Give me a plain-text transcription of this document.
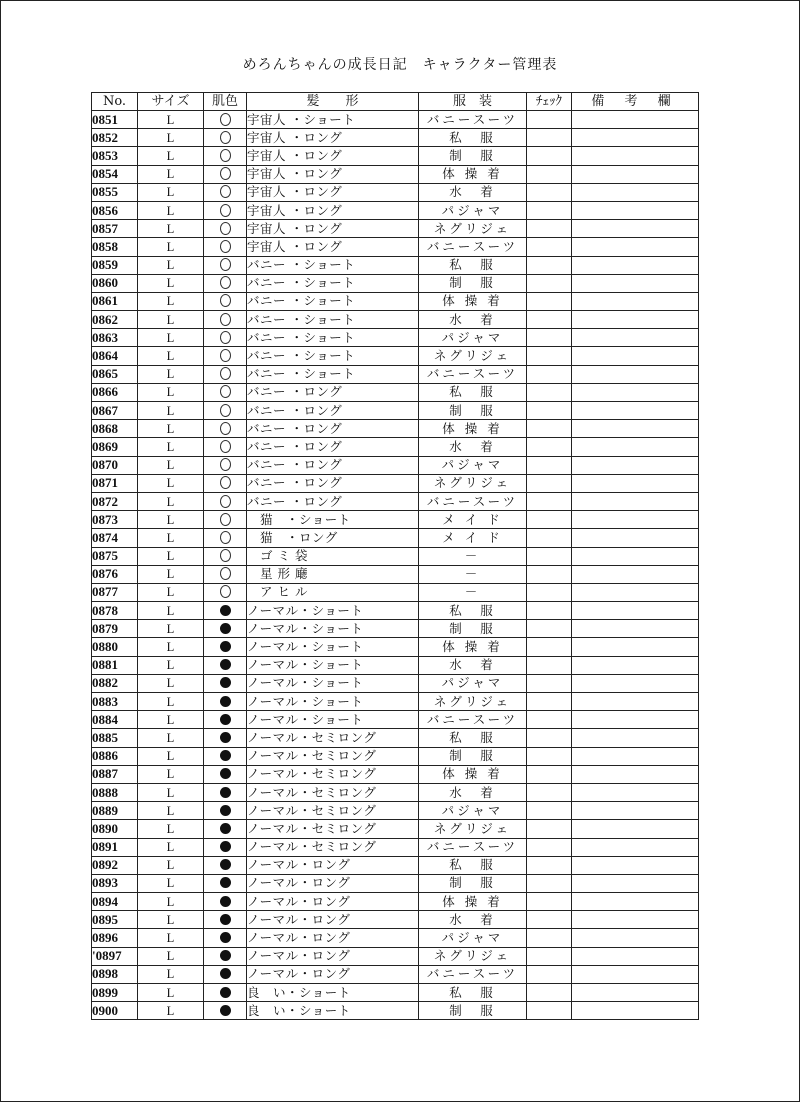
めろんちゃんの成長日記　キャラクター管理表
No.	サイズ	肌色	髪　　形	服　装	ﾁｪｯｸ	備 考 欄
0851	L		宇宙人 ・ショート	バニースーツ		
0852	L		宇宙人 ・ロング	私　服		
0853	L		宇宙人 ・ロング	制　服		
0854	L		宇宙人 ・ロング	体 操 着		
0855	L		宇宙人 ・ロング	水　着		
0856	L		宇宙人 ・ロング	パジャマ		
0857	L		宇宙人 ・ロング	ネグリジェ		
0858	L		宇宙人 ・ロング	バニースーツ		
0859	L		バニー ・ショート	私　服		
0860	L		バニー ・ショート	制　服		
0861	L		バニー ・ショート	体 操 着		
0862	L		バニー ・ショート	水　着		
0863	L		バニー ・ショート	パジャマ		
0864	L		バニー ・ショート	ネグリジェ		
0865	L		バニー ・ショート	バニースーツ		
0866	L		バニー ・ロング	私　服		
0867	L		バニー ・ロング	制　服		
0868	L		バニー ・ロング	体 操 着		
0869	L		バニー ・ロング	水　着		
0870	L		バニー ・ロング	パジャマ		
0871	L		バニー ・ロング	ネグリジェ		
0872	L		バニー ・ロング	バニースーツ		
0873	L		　猫　・ショート	メ イ ド		
0874	L		　猫　・ロング	メ イ ド		
0875	L		　ゴ ミ 袋	－		
0876	L		　星 形 廰	－		
0877	L		　ア ヒ ル	－		
0878	L		ノーマル・ショート	私　服		
0879	L		ノーマル・ショート	制　服		
0880	L		ノーマル・ショート	体 操 着		
0881	L		ノーマル・ショート	水　着		
0882	L		ノーマル・ショート	パジャマ		
0883	L		ノーマル・ショート	ネグリジェ		
0884	L		ノーマル・ショート	バニースーツ		
0885	L		ノーマル・セミロング	私　服		
0886	L		ノーマル・セミロング	制　服		
0887	L		ノーマル・セミロング	体 操 着		
0888	L		ノーマル・セミロング	水　着		
0889	L		ノーマル・セミロング	パジャマ		
0890	L		ノーマル・セミロング	ネグリジェ		
0891	L		ノーマル・セミロング	バニースーツ		
0892	L		ノーマル・ロング	私　服		
0893	L		ノーマル・ロング	制　服		
0894	L		ノーマル・ロング	体 操 着		
0895	L		ノーマル・ロング	水　着		
0896	L		ノーマル・ロング	パジャマ		
'0897	L		ノーマル・ロング	ネグリジェ		
0898	L		ノーマル・ロング	バニースーツ		
0899	L		良　い・ショート	私　服		
0900	L		良　い・ショート	制　服		
